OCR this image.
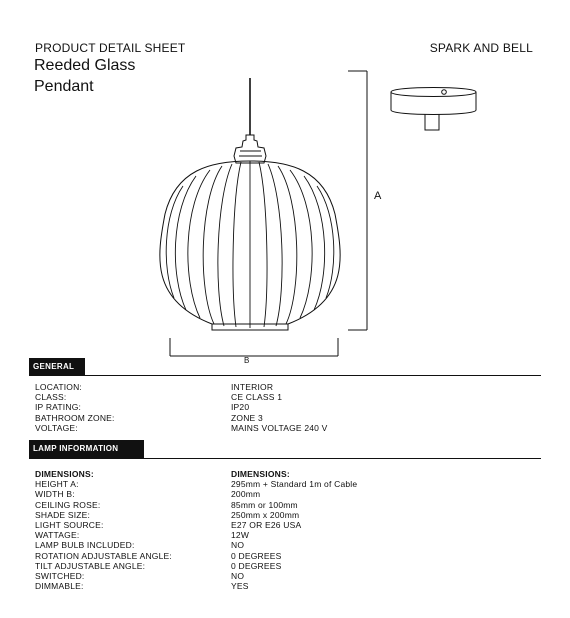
PRODUCT DETAIL SHEET	SPARK AND BELL
Reeded Glass
Pendant
A
B
GENERAL
LOCATION:
CLASS:
IP RATING:
BATHROOM ZONE:
VOLTAGE:
INTERIOR
CE CLASS 1
IP20
ZONE 3
MAINS VOLTAGE 240 V
LAMP INFORMATION
DIMENSIONS:
HEIGHT A:
WIDTH B:
CEILING ROSE:
SHADE SIZE:
LIGHT SOURCE:
WATTAGE:
LAMP BULB INCLUDED:
ROTATION ADJUSTABLE ANGLE:
TILT ADJUSTABLE ANGLE:
SWITCHED:
DIMMABLE:
DIMENSIONS:
295mm + Standard 1m of Cable
200mm
85mm or 100mm
250mm x 200mm
E27 OR E26 USA
12W
NO
0 DEGREES
0 DEGREES
NO
YES
